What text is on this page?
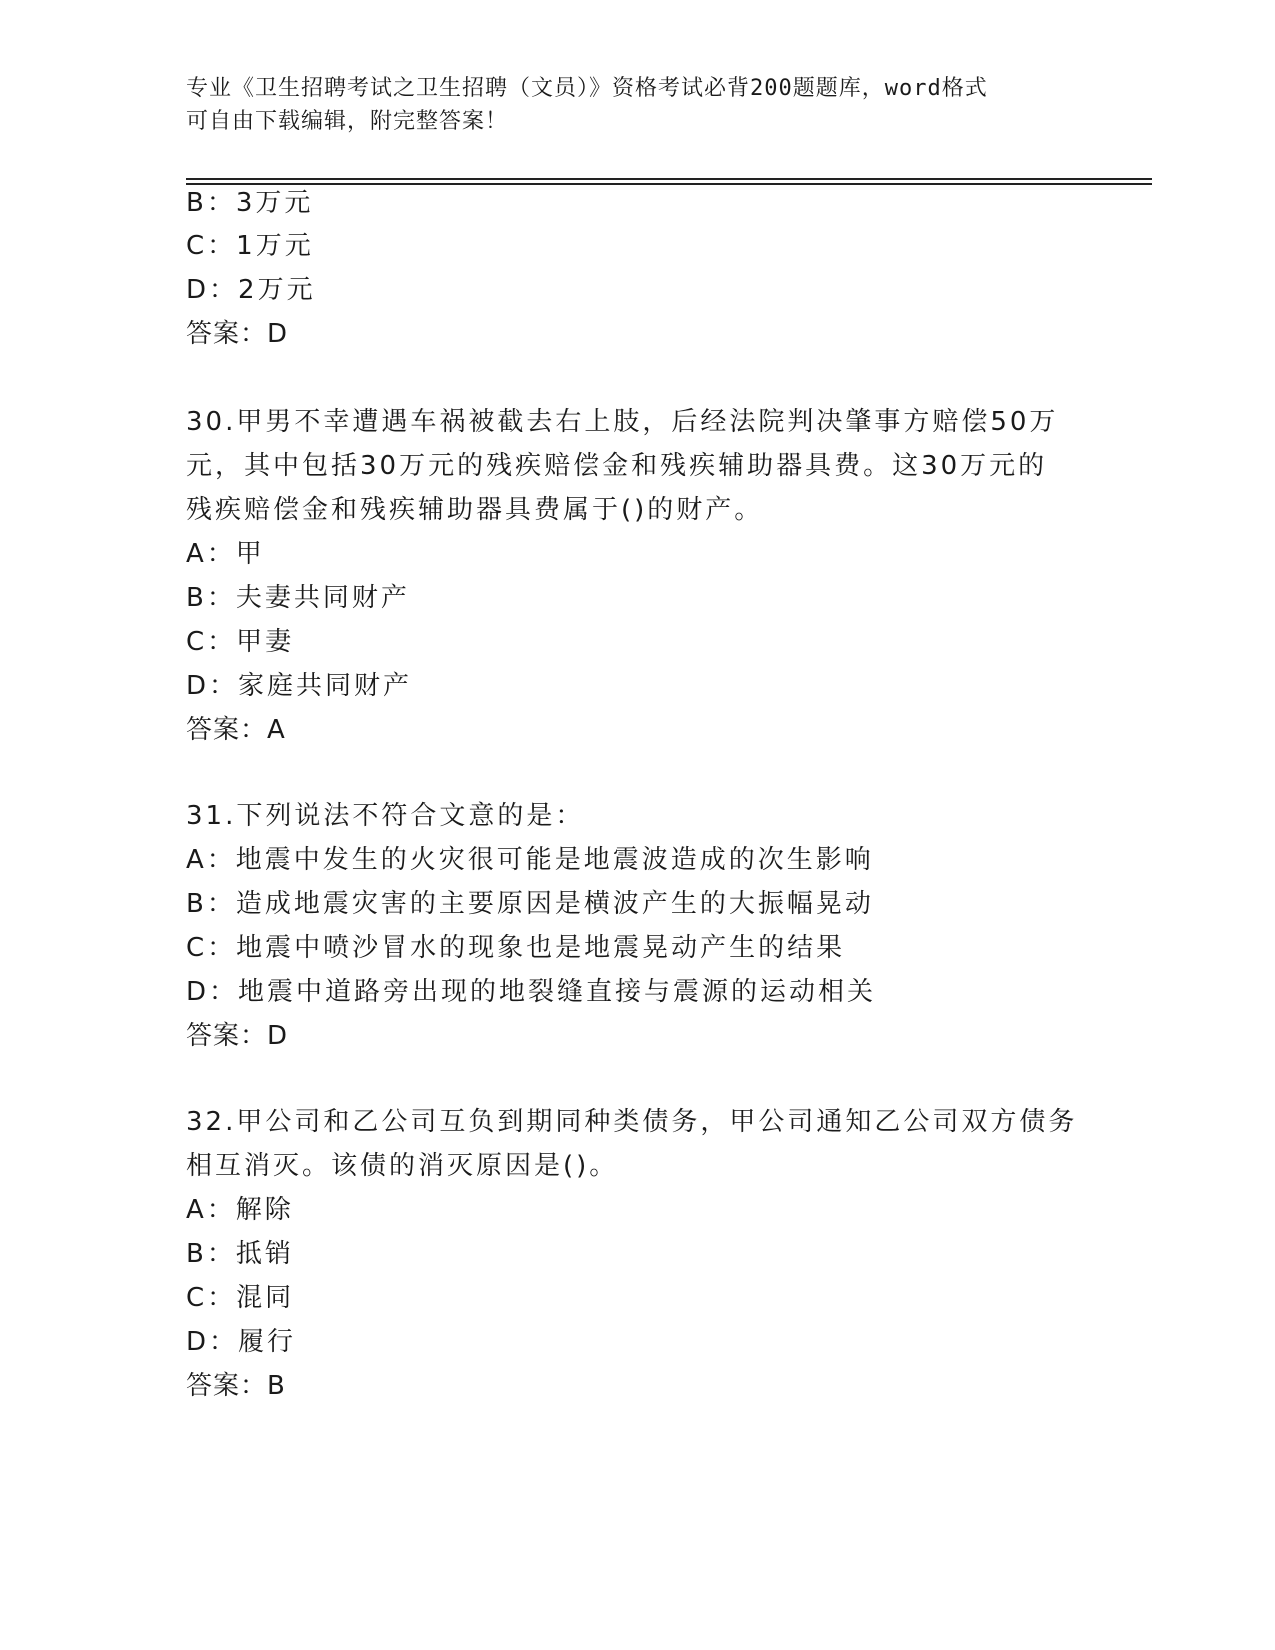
专业《卫生招聘考试之卫生招聘（文员）》资格考试必背200题题库，word格式
可自由下载编辑，附完整答案！
B：3万元
C：1万元
D：2万元
答案：D
30.甲男不幸遭遇车祸被截去右上肢，后经法院判决肇事方赔偿50万
元，其中包括30万元的残疾赔偿金和残疾辅助器具费。这30万元的
残疾赔偿金和残疾辅助器具费属于()的财产。
A：甲
B：夫妻共同财产
C：甲妻
D：家庭共同财产
答案：A
31.下列说法不符合文意的是：
A：地震中发生的火灾很可能是地震波造成的次生影响
B：造成地震灾害的主要原因是横波产生的大振幅晃动
C：地震中喷沙冒水的现象也是地震晃动产生的结果
D：地震中道路旁出现的地裂缝直接与震源的运动相关
答案：D
32.甲公司和乙公司互负到期同种类债务，甲公司通知乙公司双方债务
相互消灭。该债的消灭原因是()。
A：解除
B：抵销
C：混同
D：履行
答案：B
